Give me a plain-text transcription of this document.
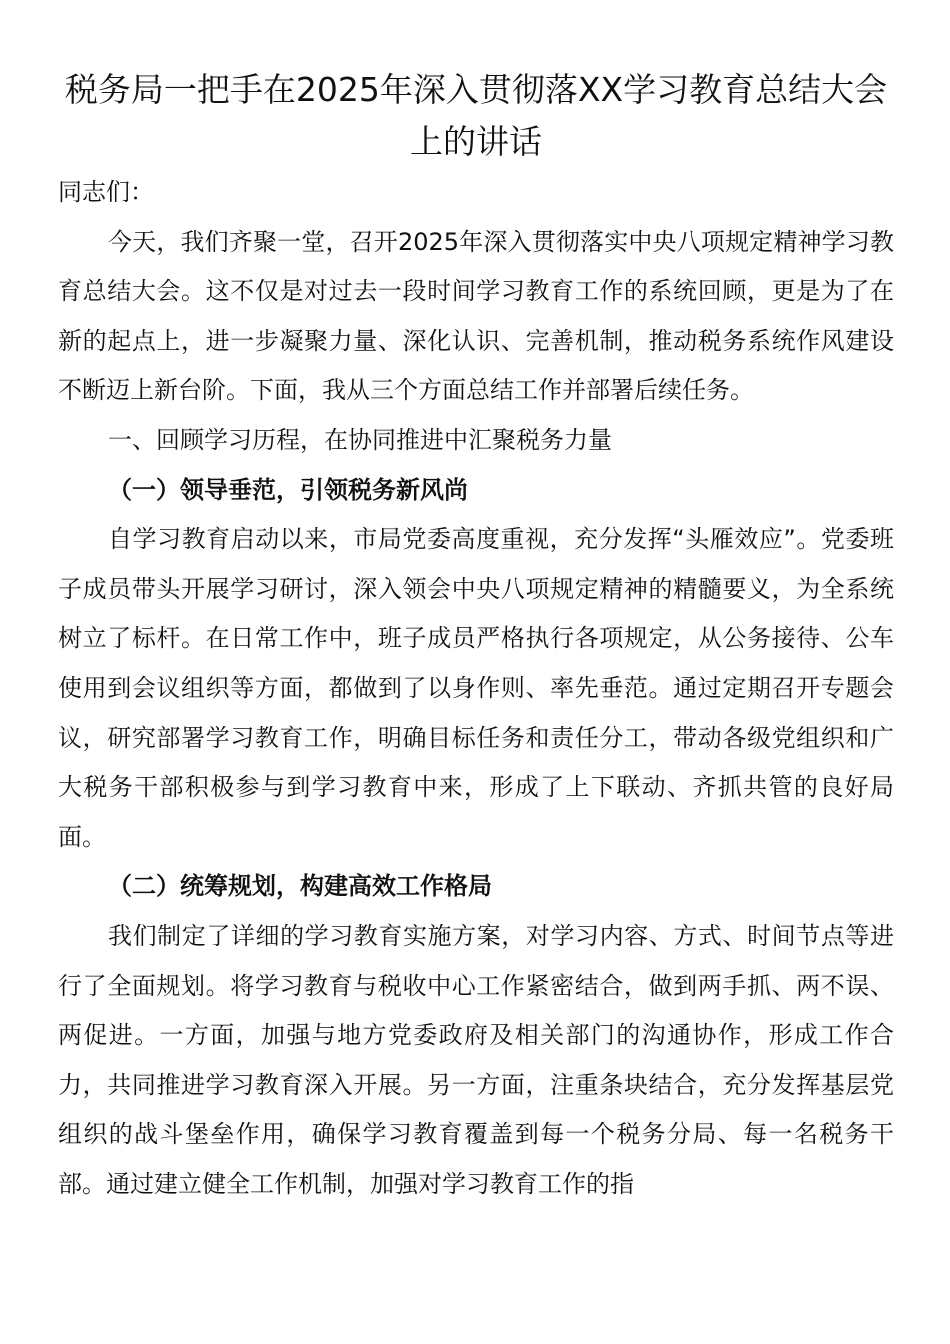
税务局一把手在2025年深入贯彻落XX学习教育总结大会上的讲话

同志们：

今天，我们齐聚一堂，召开2025年深入贯彻落实中央八项规定精神学习教育总结大会。这不仅是对过去一段时间学习教育工作的系统回顾，更是为了在新的起点上，进一步凝聚力量、深化认识、完善机制，推动税务系统作风建设不断迈上新台阶。下面，我从三个方面总结工作并部署后续任务。

一、回顾学习历程，在协同推进中汇聚税务力量

（一）领导垂范，引领税务新风尚

自学习教育启动以来，市局党委高度重视，充分发挥“头雁效应”。党委班子成员带头开展学习研讨，深入领会中央八项规定精神的精髓要义，为全系统树立了标杆。在日常工作中，班子成员严格执行各项规定，从公务接待、公车使用到会议组织等方面，都做到了以身作则、率先垂范。通过定期召开专题会议，研究部署学习教育工作，明确目标任务和责任分工，带动各级党组织和广大税务干部积极参与到学习教育中来，形成了上下联动、齐抓共管的良好局面。

（二）统筹规划，构建高效工作格局

我们制定了详细的学习教育实施方案，对学习内容、方式、时间节点等进行了全面规划。将学习教育与税收中心工作紧密结合，做到两手抓、两不误、两促进。一方面，加强与地方党委政府及相关部门的沟通协作，形成工作合力，共同推进学习教育深入开展。另一方面，注重条块结合，充分发挥基层党组织的战斗堡垒作用，确保学习教育覆盖到每一个税务分局、每一名税务干部。通过建立健全工作机制，加强对学习教育工作的指
